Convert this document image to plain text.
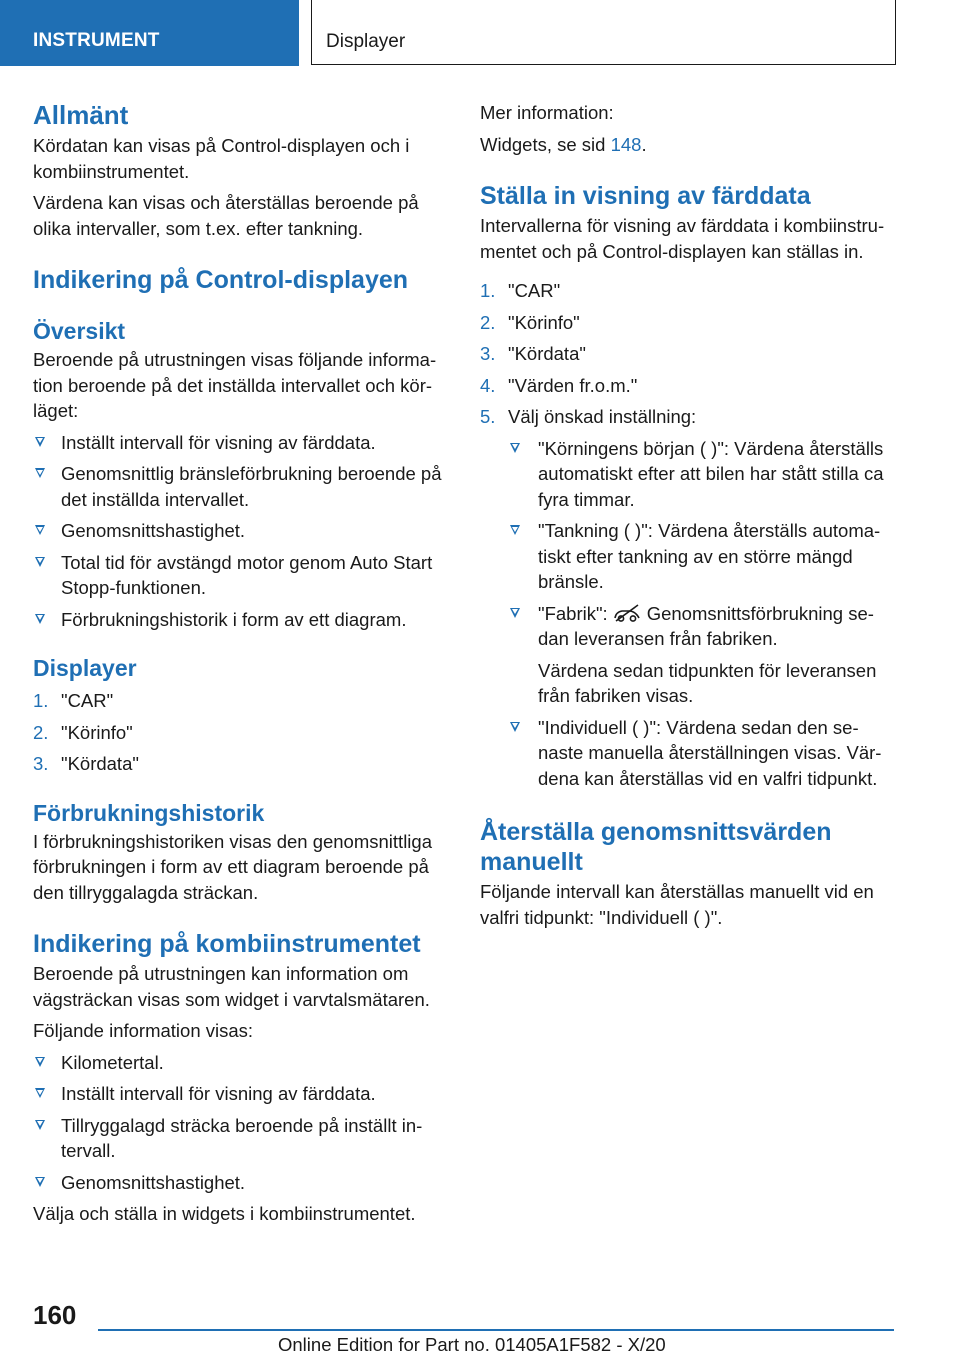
INSTRUMENT	Displayer
Allmänt

Kördatan kan visas på Control-displayen och i kombiinstrumentet.

Värdena kan visas och återställas beroende på olika intervaller, som t.ex. efter tankning.

Indikering på Control-displayen
Översikt

Beroende på utrustningen visas följande informa-tion beroende på det inställda intervallet och kör-läget:

Inställt intervall för visning av färddata.
Genomsnittlig bränsleförbrukning beroende på det inställda intervallet.
Genomsnittshastighet.
Total tid för avstängd motor genom Auto Start Stopp-funktionen.
Förbrukningshistorik i form av ett diagram.
Displayer
1. "CAR"
2. "Körinfo"
3. "Kördata"
Förbrukningshistorik

I förbrukningshistoriken visas den genomsnittliga förbrukningen i form av ett diagram beroende på den tillryggalagda sträckan.

Indikering på kombiinstrumentet

Beroende på utrustningen kan information om vägsträckan visas som widget i varvtalsmätaren.

Följande information visas:

Kilometertal.
Inställt intervall för visning av färddata.
Tillryggalagd sträcka beroende på inställt in-tervall.
Genomsnittshastighet.

Välja och ställa in widgets i kombiinstrumentet.

Mer information:

Widgets, se sid 148.

Ställa in visning av färddata

Intervallerna för visning av färddata i kombiinstru-mentet och på Control-displayen kan ställas in.

1. "CAR"
2. "Körinfo"
3. "Kördata"
4. "Värden fr.o.m."
5. Välj önskad inställning:
"Körningens början ( )": Värdena återställs automatiskt efter att bilen har stått stilla ca fyra timmar.
"Tankning ( )": Värdena återställs automa-tiskt efter tankning av en större mängd bränsle.
"Fabrik": Genomsnittsförbrukning se-dan leveransen från fabriken.

Värdena sedan tidpunkten för leveransen från fabriken visas.

"Individuell ( )": Värdena sedan den se-naste manuella återställningen visas. Vär-dena kan återställas vid en valfri tidpunkt.
Återställa genomsnittsvärden manuellt

Följande intervall kan återställas manuellt vid en valfri tidpunkt: "Individuell ( )".

160
Online Edition for Part no. 01405A1F582 - X/20
